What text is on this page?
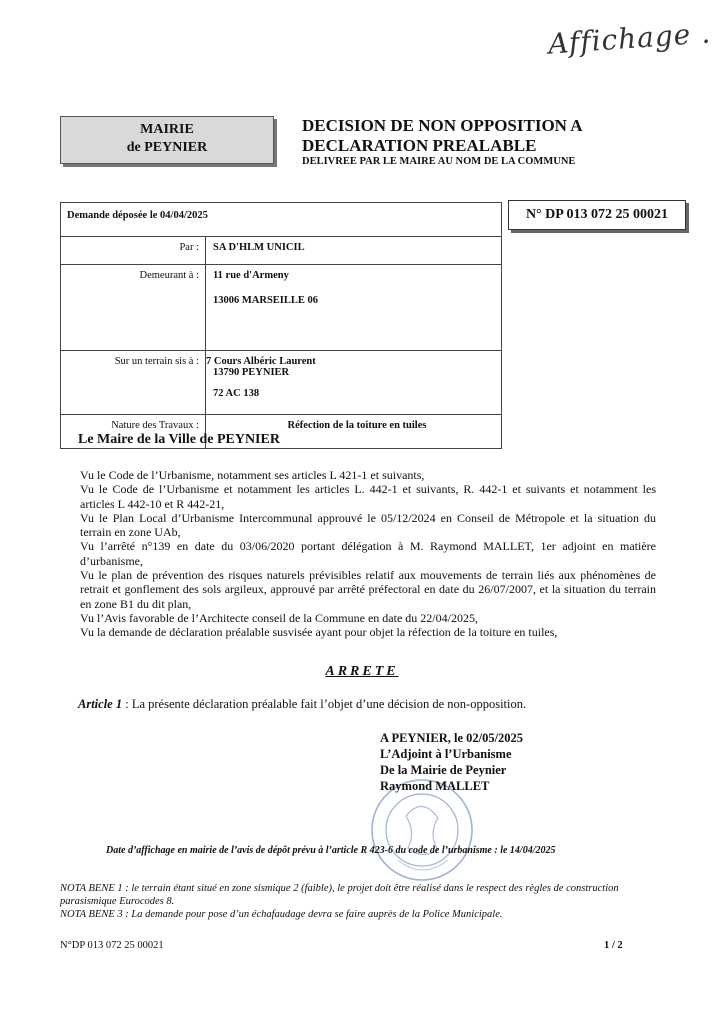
Affichage .
MAIRIE
de PEYNIER
DECISION DE NON OPPOSITION A
DECLARATION PREALABLE
DELIVREE PAR LE MAIRE AU NOM DE LA COMMUNE
N° DP 013 072 25 00021
Demande déposée le 04/04/2025	
Par :	SA D'HLM UNICIL
Demeurant à :	11 rue d'Armeny
13006 MARSEILLE 06

Sur un terrain sis à :	7 Cours Albéric Laurent
13790 PEYNIER
72 AC 138

Nature des Travaux :	Réfection de la toiture en tuiles
Le Maire de la Ville de PEYNIER

Vu le Code de l’Urbanisme, notamment ses articles L 421-1 et suivants,

Vu le Code de l’Urbanisme et notamment les articles L. 442-1 et suivants, R. 442-1 et suivants et notamment les articles L 442-10 et R 442-21,

Vu le Plan Local d’Urbanisme Intercommunal approuvé le 05/12/2024 en Conseil de Métropole et la situation du terrain en zone UAb,

Vu l’arrêté n°139 en date du 03/06/2020 portant délégation à M. Raymond MALLET, 1er adjoint en matière d’urbanisme,

Vu le plan de prévention des risques naturels prévisibles relatif aux mouvements de terrain liés aux phénomènes de retrait et gonflement des sols argileux, approuvé par arrêté préfectoral en date du 26/07/2007, et la situation du terrain en zone B1 du dit plan,

Vu l’Avis favorable de l’Architecte conseil de la Commune en date du 22/04/2025,

Vu la demande de déclaration préalable susvisée ayant pour objet la réfection de la toiture en tuiles,

ARRETE
Article 1 : La présente déclaration préalable fait l’objet d’une décision de non-opposition.
A PEYNIER, le 02/05/2025
L’Adjoint à l’Urbanisme
De la Mairie de Peynier
Raymond MALLET
Date d’affichage en mairie de l’avis de dépôt prévu à l’article R 423-6 du code de l’urbanisme : le 14/04/2025

NOTA BENE 1 : le terrain étant situé en zone sismique 2 (faible), le projet doit être réalisé dans le respect des règles de construction parasismique Eurocodes 8.

NOTA BENE 3 : La demande pour pose d’un échafaudage devra se faire auprès de la Police Municipale.

N°DP 013 072 25 00021	1 / 2
